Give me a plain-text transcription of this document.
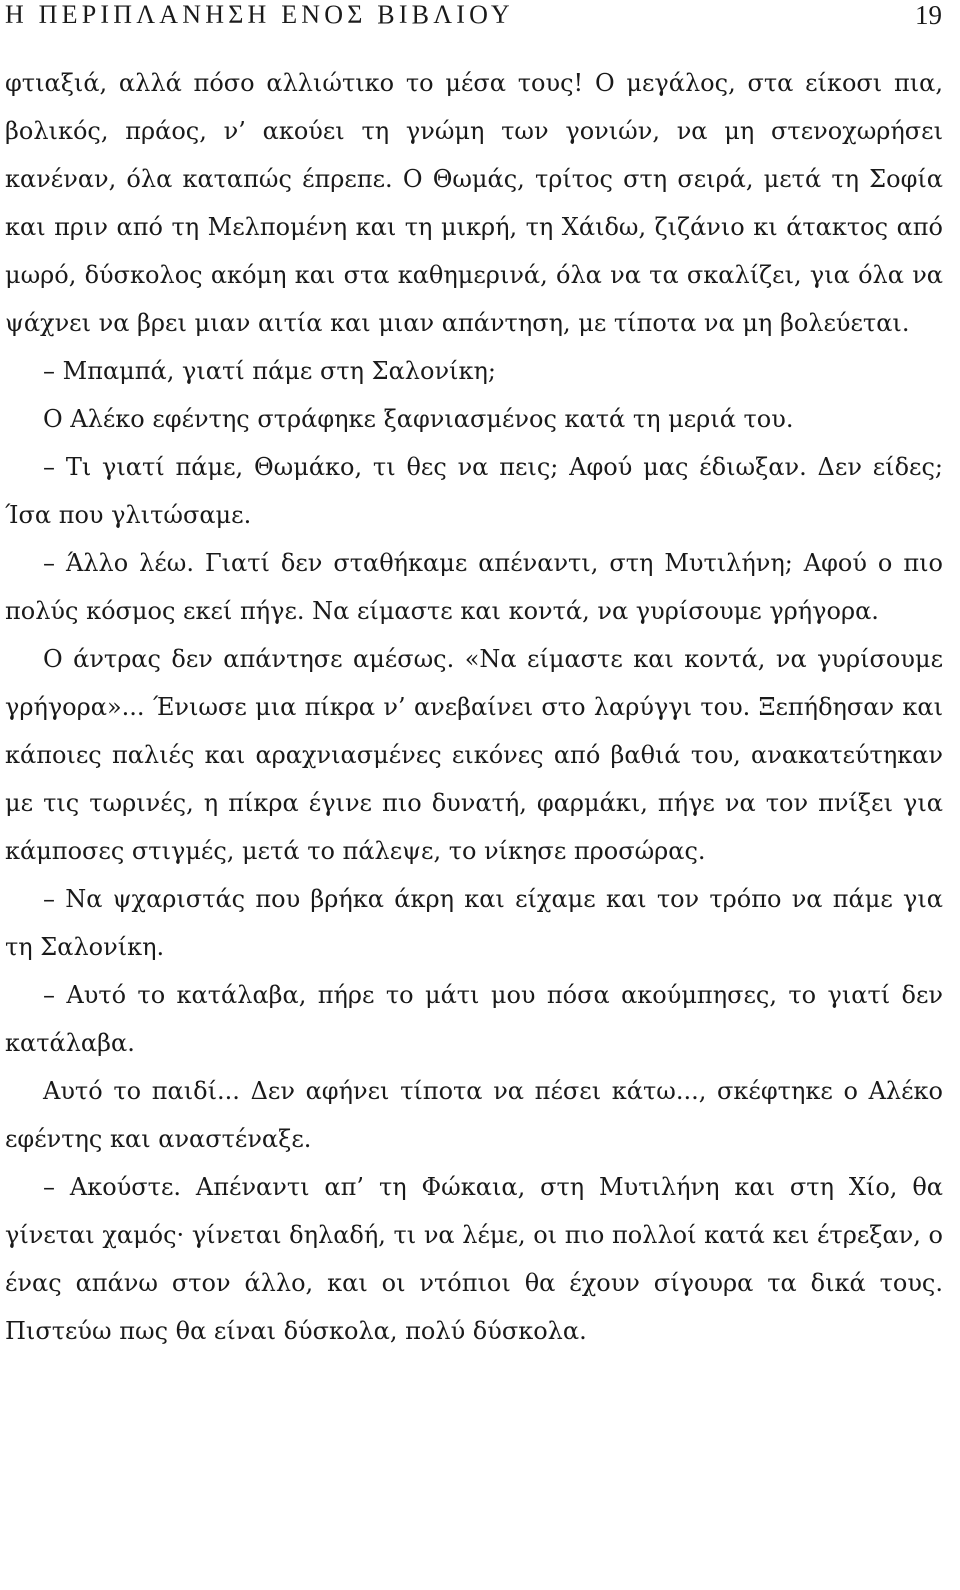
Η ΠΕΡΙΠΛΑΝΗΣΗ ΕΝΟΣ ΒΙΒΛΙΟΥ	19

φτιαξιά, αλλά πόσο αλλιώτικο το μέσα τους! Ο μεγάλος, στα είκοσι πια, βολικός, πράος, ν’ ακούει τη γνώμη των γονιών, να μη στενοχωρήσει κανέναν, όλα καταπώς έπρεπε. Ο Θωμάς, τρίτος στη σειρά, μετά τη Σοφία και πριν από τη Μελπομένη και τη μικρή, τη Χάιδω, ζιζάνιο κι άτακτος από μωρό, δύσκολος ακόμη και στα καθημερινά, όλα να τα σκαλίζει, για όλα να ψάχνει να βρει μιαν αιτία και μιαν απάντηση, με τίποτα να μη βολεύεται.

– Μπαμπά, γιατί πάμε στη Σαλονίκη;

Ο Αλέκο εφέντης στράφηκε ξαφνιασμένος κατά τη μεριά του.

– Τι γιατί πάμε, Θωμάκο, τι θες να πεις; Αφού μας έδιωξαν. Δεν είδες; Ίσα που γλιτώσαμε.

– Άλλο λέω. Γιατί δεν σταθήκαμε απέναντι, στη Μυτιλήνη; Αφού ο πιο πολύς κόσμος εκεί πήγε. Να είμαστε και κοντά, να γυρίσουμε γρήγορα.

Ο άντρας δεν απάντησε αμέσως. «Να είμαστε και κοντά, να γυρίσουμε γρήγορα»... Ένιωσε μια πίκρα ν’ ανεβαίνει στο λαρύγγι του. Ξεπήδησαν και κάποιες παλιές και αραχνιασμένες εικόνες από βαθιά του, ανακατεύτηκαν με τις τωρινές, η πίκρα έγινε πιο δυνατή, φαρμάκι, πήγε να τον πνίξει για κάμποσες στιγμές, μετά το πάλεψε, το νίκησε προσώρας.

– Να ψχαριστάς που βρήκα άκρη και είχαμε και τον τρόπο να πάμε για τη Σαλονίκη.

– Αυτό το κατάλαβα, πήρε το μάτι μου πόσα ακούμπησες, το γιατί δεν κατάλαβα.

Αυτό το παιδί... Δεν αφήνει τίποτα να πέσει κάτω..., σκέφτηκε ο Αλέκο εφέντης και αναστέναξε.

– Ακούστε. Απέναντι απ’ τη Φώκαια, στη Μυτιλήνη και στη Χίο, θα γίνεται χαμός· γίνεται δηλαδή, τι να λέμε, οι πιο πολλοί κατά κει έτρεξαν, ο ένας απάνω στον άλλο, και οι ντόπιοι θα έχουν σίγουρα τα δικά τους. Πιστεύω πως θα είναι δύσκολα, πολύ δύσκολα.
